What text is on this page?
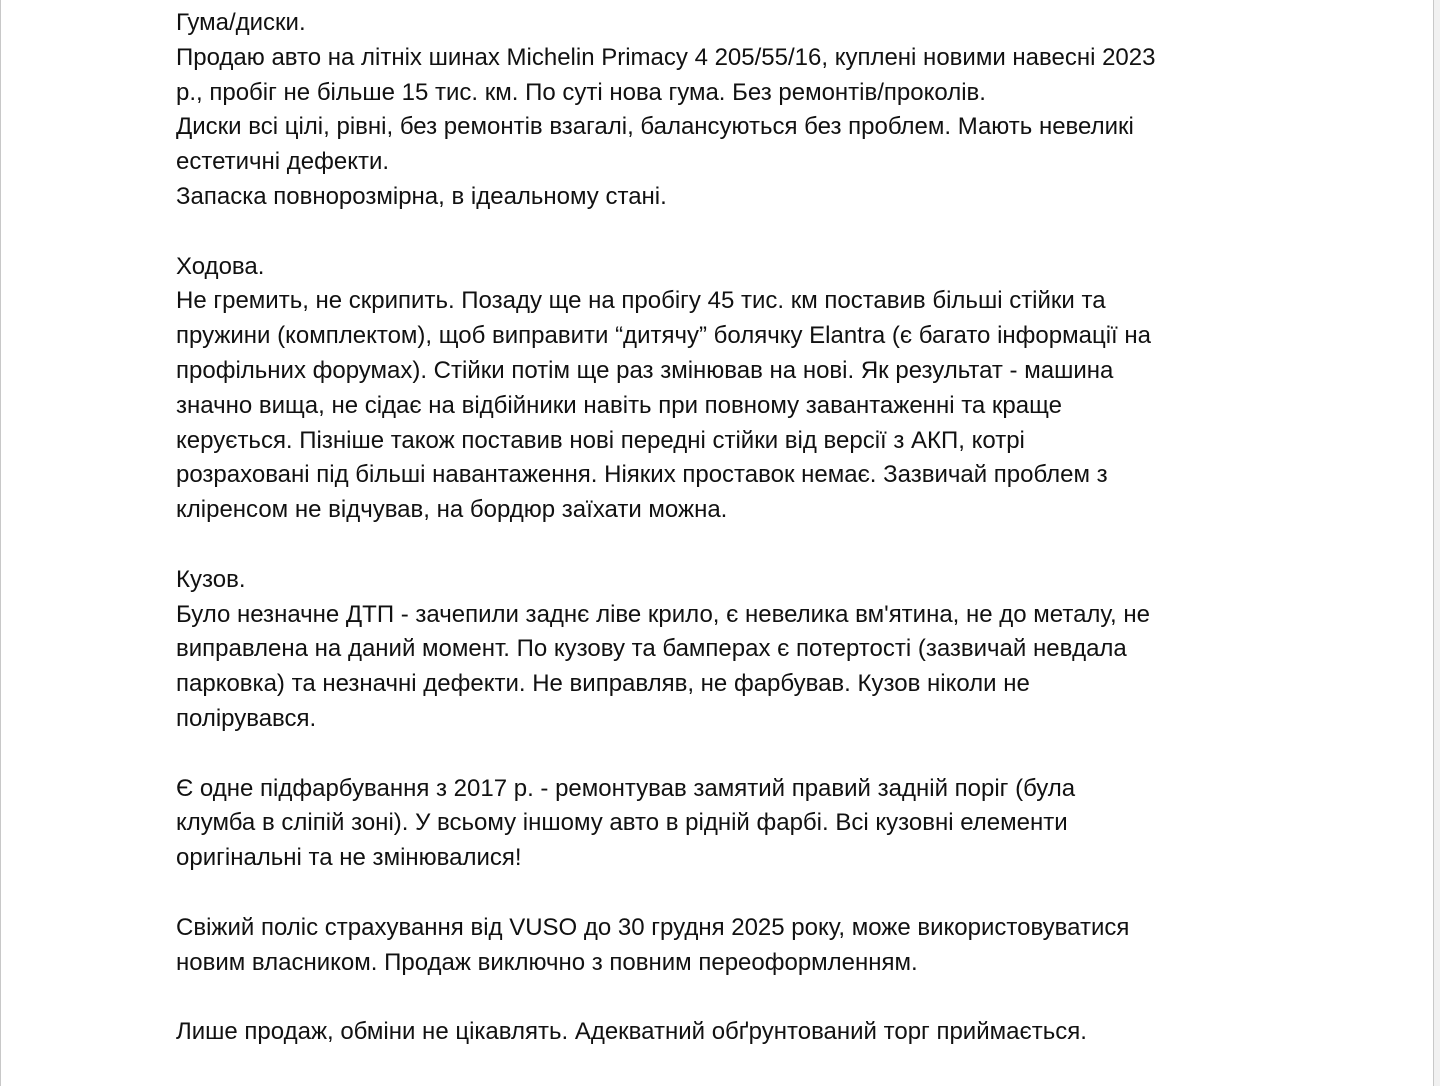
Гума/диски.
Продаю авто на літніх шинах Michelin Primacy 4 205/55/16, куплені новими навесні 2023
р., пробіг не більше 15 тис. км. По суті нова гума. Без ремонтів/проколів.
Диски всі цілі, рівні, без ремонтів взагалі, балансуються без проблем. Мають невеликі
естетичні дефекти.
Запаска повнорозмірна, в ідеальному стані.
Ходова.
Не гремить, не скрипить. Позаду ще на пробігу 45 тис. км поставив більші стійки та
пружини (комплектом), щоб виправити “дитячу” болячку Elantra (є багато інформації на
профільних форумах). Стійки потім ще раз змінював на нові. Як результат - машина
значно вища, не сідає на відбійники навіть при повному завантаженні та краще
керується. Пізніше також поставив нові передні стійки від версії з АКП, котрі
розраховані під більші навантаження. Ніяких проставок немає. Зазвичай проблем з
кліренсом не відчував, на бордюр заїхати можна.
Кузов.
Було незначне ДТП - зачепили заднє ліве крило, є невелика вм'ятина, не до металу, не
виправлена на даний момент. По кузову та бамперах є потертості (зазвичай невдала
парковка) та незначні дефекти. Не виправляв, не фарбував. Кузов ніколи не
полірувався.
Є одне підфарбування з 2017 р. - ремонтував замятий правий задній поріг (була
клумба в сліпій зоні). У всьому іншому авто в рідній фарбі. Всі кузовні елементи
оригінальні та не змінювалися!
Свіжий поліс страхування від VUSO до 30 грудня 2025 року, може використовуватися
новим власником. Продаж виключно з повним переоформленням.
Лише продаж, обміни не цікавлять. Адекватний обґрунтований торг приймається.
